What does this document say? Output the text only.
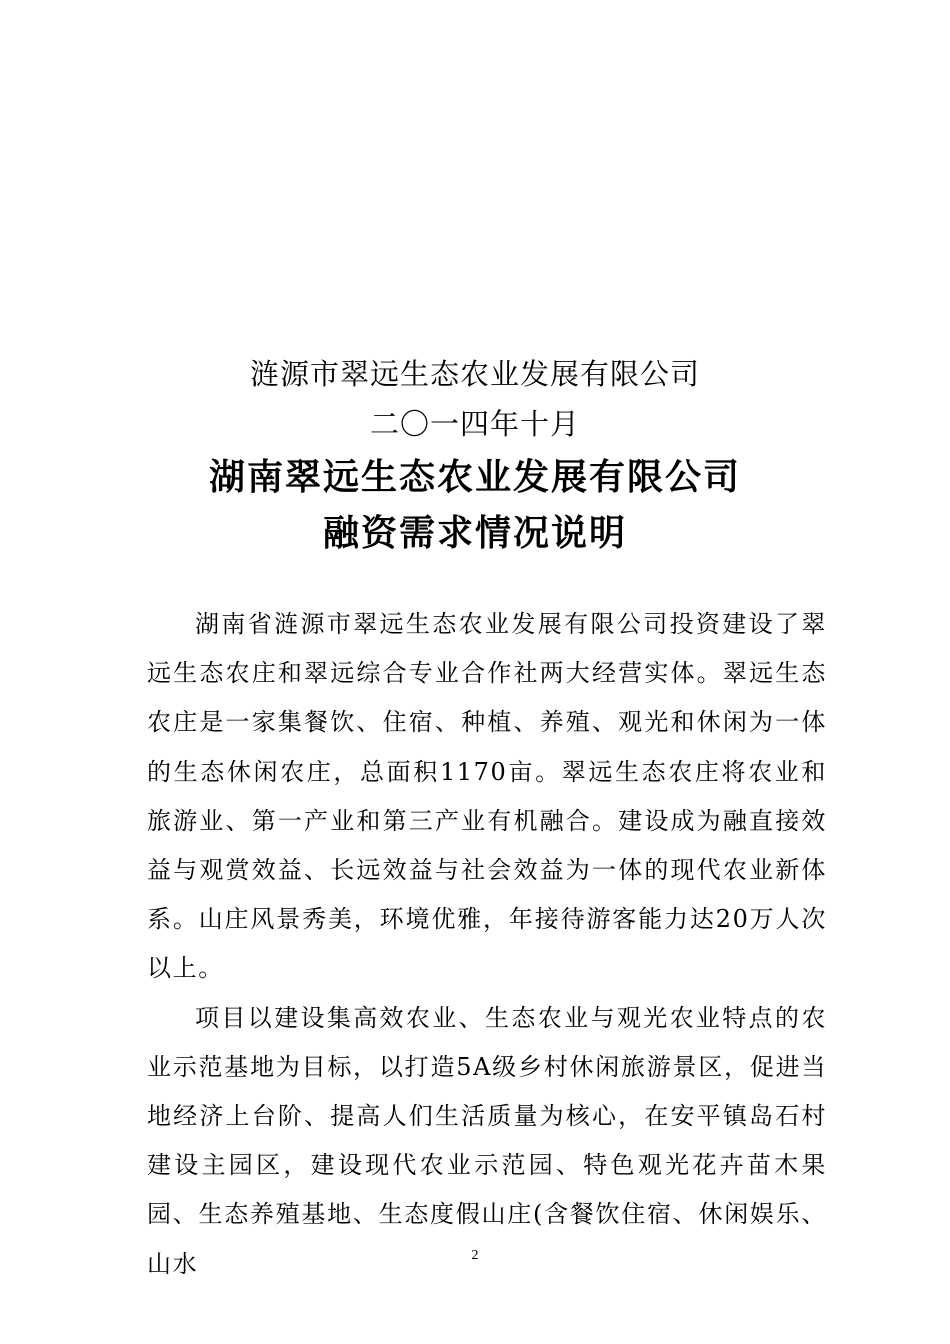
涟源市翠远生态农业发展有限公司
二〇一四年十月
湖南翠远生态农业发展有限公司
融资需求情况说明

湖南省涟源市翠远生态农业发展有限公司投资建设了翠远生态农庄和翠远综合专业合作社两大经营实体。翠远生态农庄是一家集餐饮、住宿、种植、养殖、观光和休闲为一体的生态休闲农庄，总面积1170亩。翠远生态农庄将农业和旅游业、第一产业和第三产业有机融合。建设成为融直接效益与观赏效益、长远效益与社会效益为一体的现代农业新体系。山庄风景秀美，环境优雅，年接待游客能力达20万人次以上。

项目以建设集高效农业、生态农业与观光农业特点的农业示范基地为目标，以打造5A级乡村休闲旅游景区，促进当地经济上台阶、提高人们生活质量为核心，在安平镇岛石村建设主园区，建设现代农业示范园、特色观光花卉苗木果园、生态养殖基地、生态度假山庄(含餐饮住宿、休闲娱乐、山水	2
